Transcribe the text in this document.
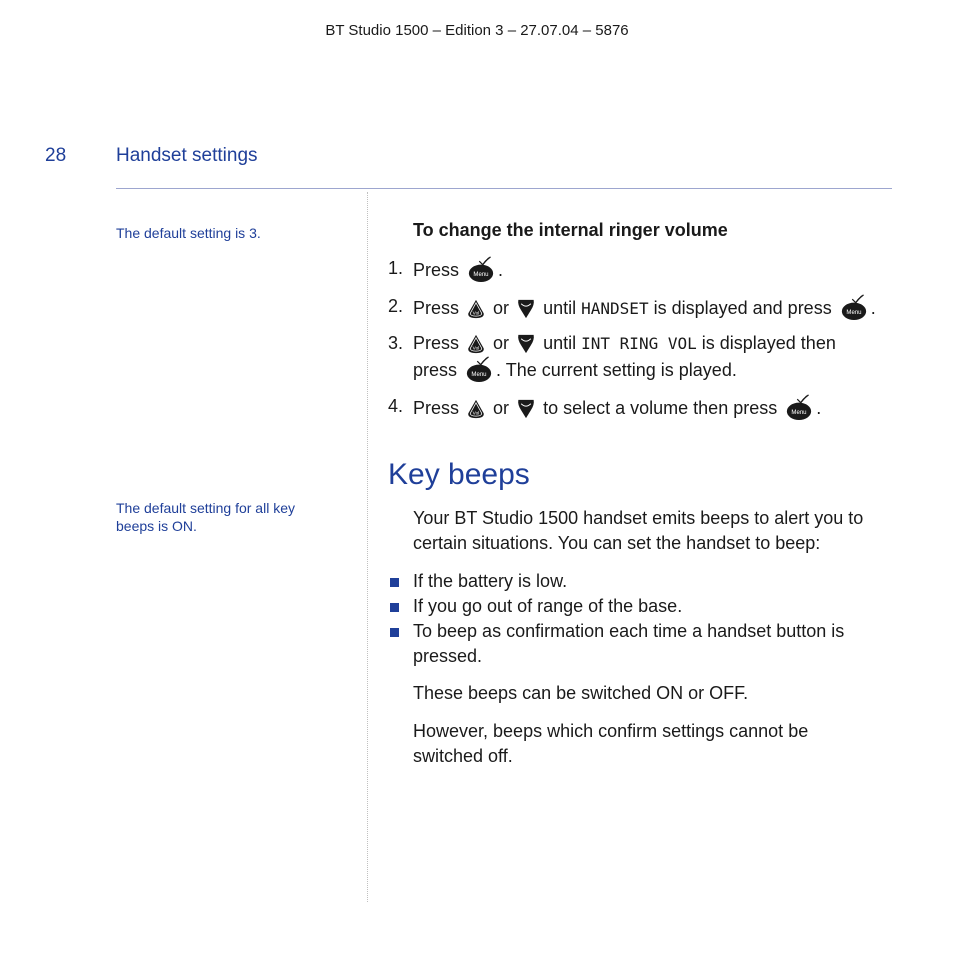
BT Studio 1500 – Edition 3 – 27.07.04 – 5876
28	Handset settings
The default setting is 3.
The default setting for all key beeps is ON.
To change the internal ringer volume
1. Press .
2. Press or until HANDSET is displayed and press .
3. Press or until INT RING VOL is displayed then
press . The current setting is played.
4. Press or to select a volume then press .
Key beeps
Your BT Studio 1500 handset emits beeps to alert you to certain situations. You can set the handset to beep:
If the battery is low.
If you go out of range of the base.
To beep as confirmation each time a handset button is pressed.
These beeps can be switched ON or OFF.
However, beeps which confirm settings cannot be switched off.
